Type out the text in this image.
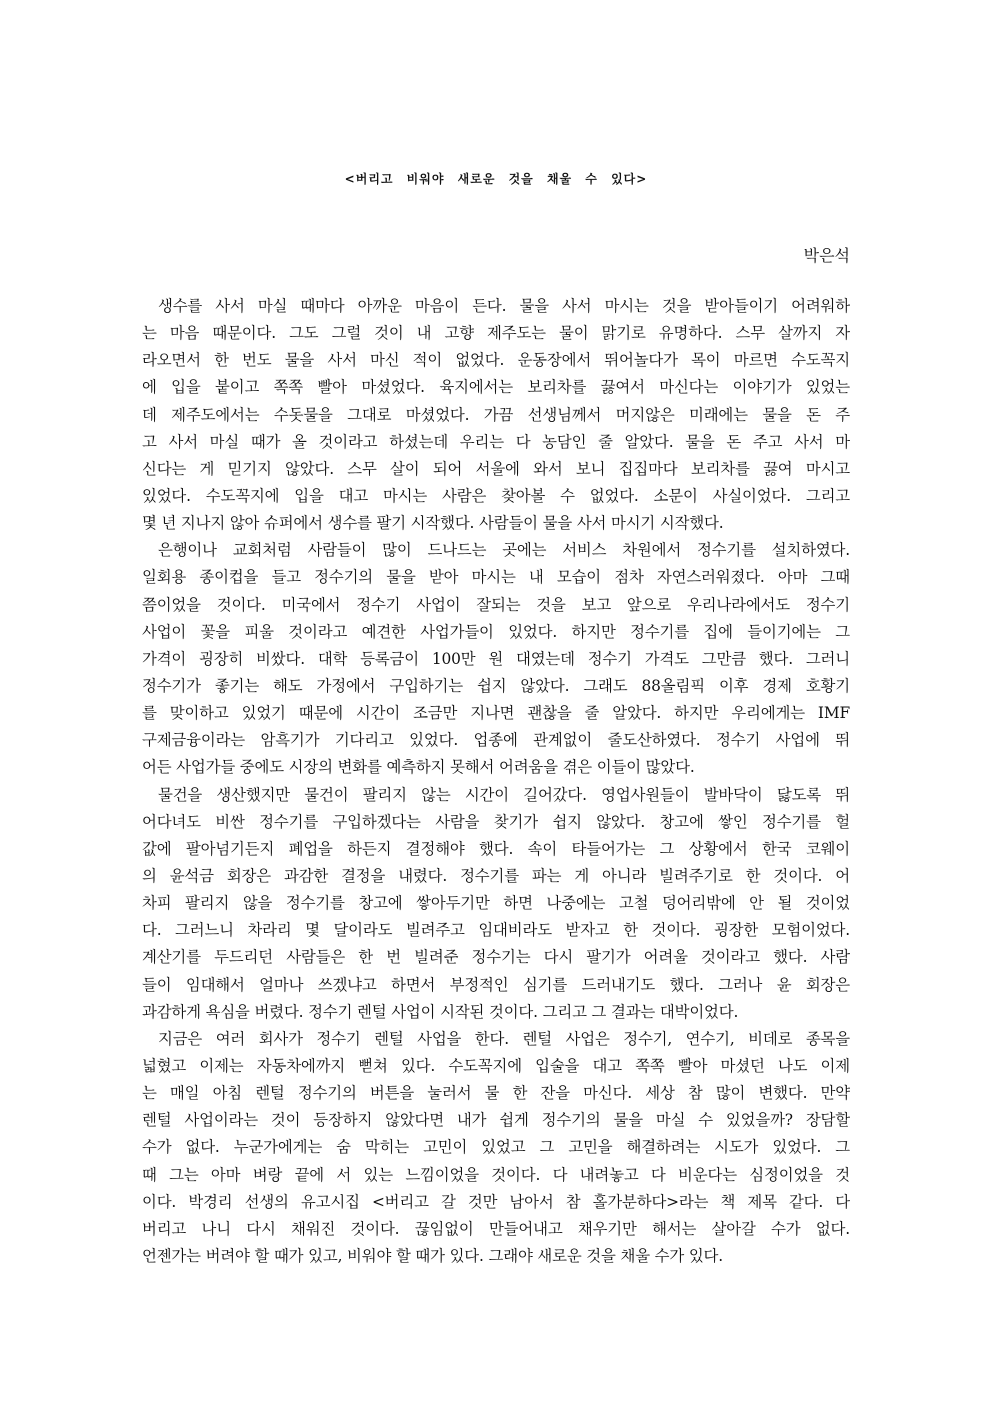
<버리고 비워야 새로운 것을 채울 수 있다>
박은석
생수를 사서 마실 때마다 아까운 마음이 든다. 물을 사서 마시는 것을 받아들이기 어려워하
는 마음 때문이다. 그도 그럴 것이 내 고향 제주도는 물이 맑기로 유명하다. 스무 살까지 자
라오면서 한 번도 물을 사서 마신 적이 없었다. 운동장에서 뛰어놀다가 목이 마르면 수도꼭지
에 입을 붙이고 쪽쪽 빨아 마셨었다. 육지에서는 보리차를 끓여서 마신다는 이야기가 있었는
데 제주도에서는 수돗물을 그대로 마셨었다. 가끔 선생님께서 머지않은 미래에는 물을 돈 주
고 사서 마실 때가 올 것이라고 하셨는데 우리는 다 농담인 줄 알았다. 물을 돈 주고 사서 마
신다는 게 믿기지 않았다. 스무 살이 되어 서울에 와서 보니 집집마다 보리차를 끓여 마시고
있었다. 수도꼭지에 입을 대고 마시는 사람은 찾아볼 수 없었다. 소문이 사실이었다. 그리고
몇 년 지나지 않아 슈퍼에서 생수를 팔기 시작했다. 사람들이 물을 사서 마시기 시작했다.
은행이나 교회처럼 사람들이 많이 드나드는 곳에는 서비스 차원에서 정수기를 설치하였다.
일회용 종이컵을 들고 정수기의 물을 받아 마시는 내 모습이 점차 자연스러워졌다. 아마 그때
쯤이었을 것이다. 미국에서 정수기 사업이 잘되는 것을 보고 앞으로 우리나라에서도 정수기
사업이 꽃을 피울 것이라고 예견한 사업가들이 있었다. 하지만 정수기를 집에 들이기에는 그
가격이 굉장히 비쌌다. 대학 등록금이 100만 원 대였는데 정수기 가격도 그만큼 했다. 그러니
정수기가 좋기는 해도 가정에서 구입하기는 쉽지 않았다. 그래도 88올림픽 이후 경제 호황기
를 맞이하고 있었기 때문에 시간이 조금만 지나면 괜찮을 줄 알았다. 하지만 우리에게는 IMF
구제금융이라는 암흑기가 기다리고 있었다. 업종에 관계없이 줄도산하였다. 정수기 사업에 뛰
어든 사업가들 중에도 시장의 변화를 예측하지 못해서 어려움을 겪은 이들이 많았다.
물건을 생산했지만 물건이 팔리지 않는 시간이 길어갔다. 영업사원들이 발바닥이 닳도록 뛰
어다녀도 비싼 정수기를 구입하겠다는 사람을 찾기가 쉽지 않았다. 창고에 쌓인 정수기를 헐
값에 팔아넘기든지 폐업을 하든지 결정해야 했다. 속이 타들어가는 그 상황에서 한국 코웨이
의 윤석금 회장은 과감한 결정을 내렸다. 정수기를 파는 게 아니라 빌려주기로 한 것이다. 어
차피 팔리지 않을 정수기를 창고에 쌓아두기만 하면 나중에는 고철 덩어리밖에 안 될 것이었
다. 그러느니 차라리 몇 달이라도 빌려주고 임대비라도 받자고 한 것이다. 굉장한 모험이었다.
계산기를 두드리던 사람들은 한 번 빌려준 정수기는 다시 팔기가 어려울 것이라고 했다. 사람
들이 임대해서 얼마나 쓰겠냐고 하면서 부정적인 심기를 드러내기도 했다. 그러나 윤 회장은
과감하게 욕심을 버렸다. 정수기 렌털 사업이 시작된 것이다. 그리고 그 결과는 대박이었다.
지금은 여러 회사가 정수기 렌털 사업을 한다. 렌털 사업은 정수기, 연수기, 비데로 종목을
넓혔고 이제는 자동차에까지 뻗쳐 있다. 수도꼭지에 입술을 대고 쪽쪽 빨아 마셨던 나도 이제
는 매일 아침 렌털 정수기의 버튼을 눌러서 물 한 잔을 마신다. 세상 참 많이 변했다. 만약
렌털 사업이라는 것이 등장하지 않았다면 내가 쉽게 정수기의 물을 마실 수 있었을까? 장담할
수가 없다. 누군가에게는 숨 막히는 고민이 있었고 그 고민을 해결하려는 시도가 있었다. 그
때 그는 아마 벼랑 끝에 서 있는 느낌이었을 것이다. 다 내려놓고 다 비운다는 심정이었을 것
이다. 박경리 선생의 유고시집 <버리고 갈 것만 남아서 참 홀가분하다>라는 책 제목 같다. 다
버리고 나니 다시 채워진 것이다. 끊임없이 만들어내고 채우기만 해서는 살아갈 수가 없다.
언젠가는 버려야 할 때가 있고, 비워야 할 때가 있다. 그래야 새로운 것을 채울 수가 있다.
